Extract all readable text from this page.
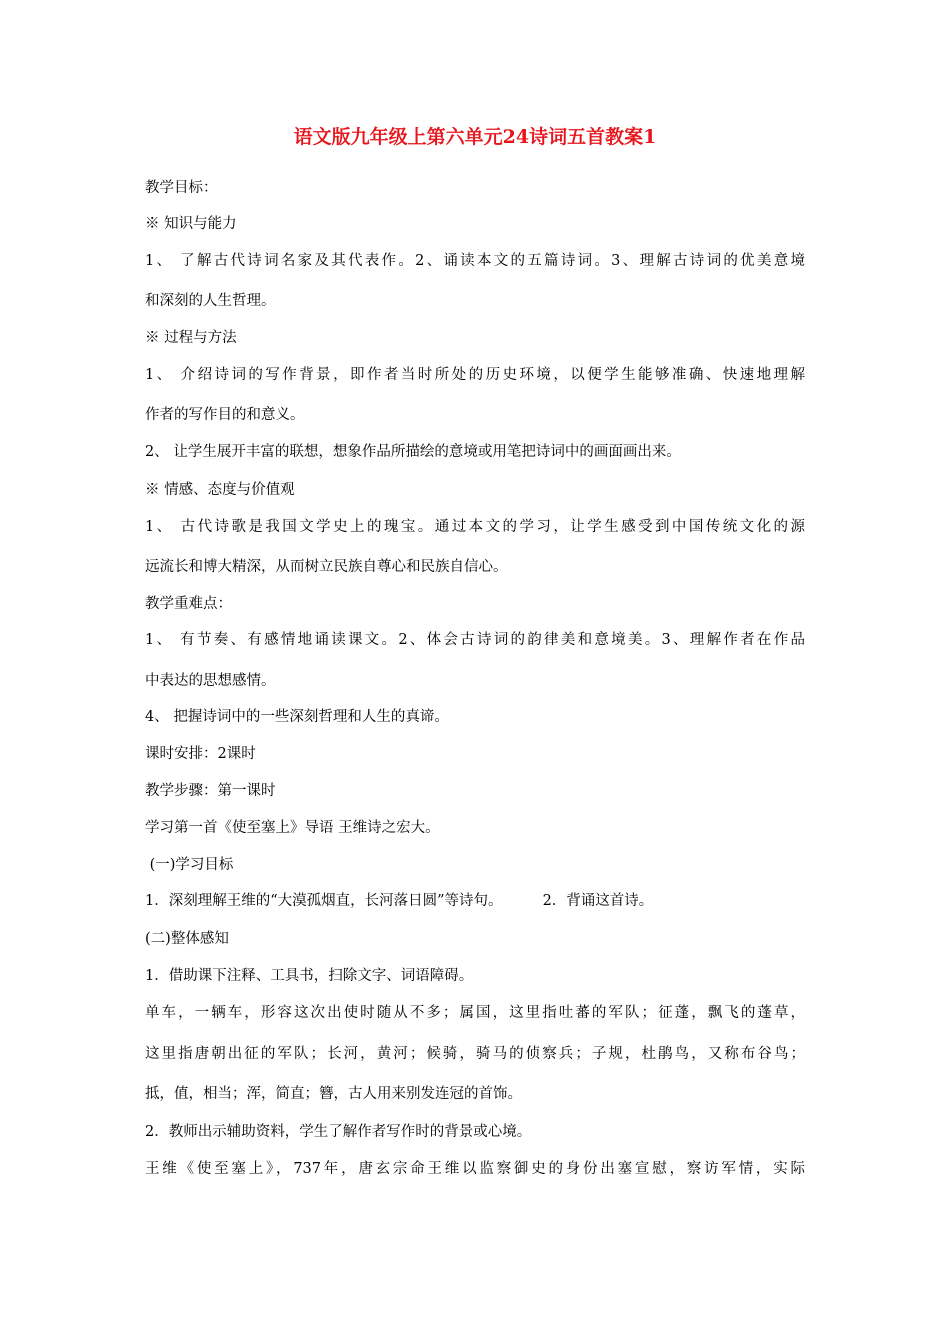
语文版九年级上第六单元24诗词五首教案1
教学目标：
※ 知识与能力
1、 了解古代诗词名家及其代表作。2、诵读本文的五篇诗词。3、理解古诗词的优美意境
和深刻的人生哲理。
※ 过程与方法
1、 介绍诗词的写作背景，即作者当时所处的历史环境，以便学生能够准确、快速地理解
作者的写作目的和意义。
2、 让学生展开丰富的联想，想象作品所描绘的意境或用笔把诗词中的画面画出来。
※ 情感、态度与价值观
1、 古代诗歌是我国文学史上的瑰宝。通过本文的学习，让学生感受到中国传统文化的源
远流长和博大精深，从而树立民族自尊心和民族自信心。
教学重难点：
1、 有节奏、有感情地诵读课文。2、体会古诗词的韵律美和意境美。3、理解作者在作品
中表达的思想感情。
4、 把握诗词中的一些深刻哲理和人生的真谛。
课时安排：2课时
教学步骤：第一课时
学习第一首《使至塞上》导语 王维诗之宏大。
(一)学习目标
1．深刻理解王维的“大漠孤烟直，长河落日圆”等诗句。	2．背诵这首诗。
(二)整体感知
1．借助课下注释、工具书，扫除文字、词语障碍。
单车，一辆车，形容这次出使时随从不多；属国，这里指吐蕃的军队；征蓬，飘飞的蓬草，
这里指唐朝出征的军队；长河，黄河；候骑，骑马的侦察兵；子规，杜鹃鸟，又称布谷鸟；
抵，值，相当；浑，简直；簪，古人用来别发连冠的首饰。
2．教师出示辅助资料，学生了解作者写作时的背景或心境。
王维《使至塞上》，737年，唐玄宗命王维以监察御史的身份出塞宣慰，察访军情，实际
